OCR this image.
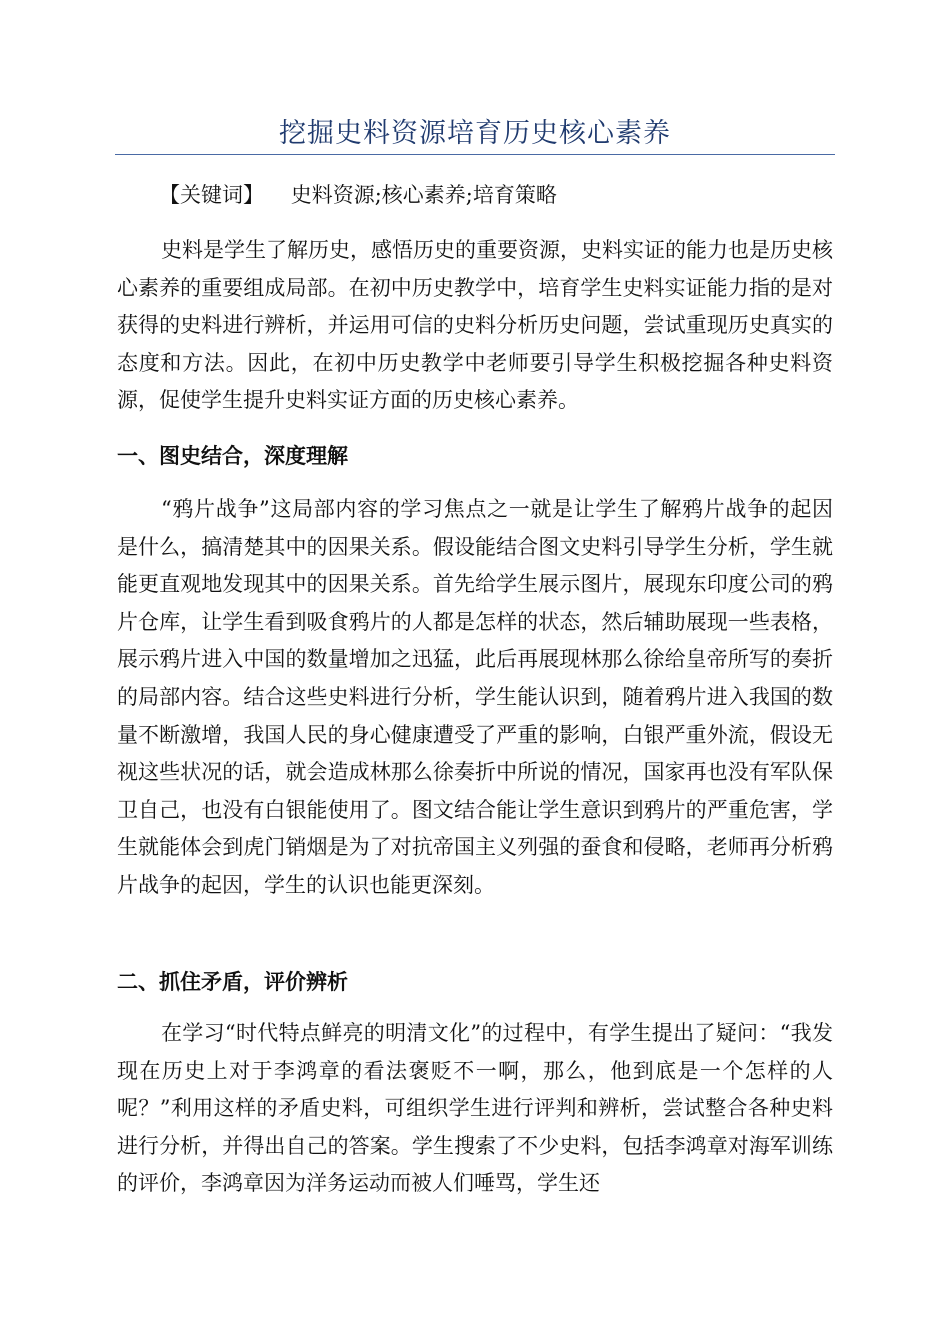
挖掘史料资源培育历史核心素养
【关键词】 史料资源;核心素养;培育策略

史料是学生了解历史，感悟历史的重要资源，史料实证的能力也是历史核心素养的重要组成局部。在初中历史教学中，培育学生史料实证能力指的是对获得的史料进行辨析，并运用可信的史料分析历史问题，尝试重现历史真实的态度和方法。因此，在初中历史教学中老师要引导学生积极挖掘各种史料资源，促使学生提升史料实证方面的历史核心素养。

一、图史结合，深度理解

“鸦片战争”这局部内容的学习焦点之一就是让学生了解鸦片战争的起因是什么，搞清楚其中的因果关系。假设能结合图文史料引导学生分析，学生就能更直观地发现其中的因果关系。首先给学生展示图片，展现东印度公司的鸦片仓库，让学生看到吸食鸦片的人都是怎样的状态，然后辅助展现一些表格，展示鸦片进入中国的数量增加之迅猛，此后再展现林那么徐给皇帝所写的奏折的局部内容。结合这些史料进行分析，学生能认识到，随着鸦片进入我国的数量不断激增，我国人民的身心健康遭受了严重的影响，白银严重外流，假设无视这些状况的话，就会造成林那么徐奏折中所说的情况，国家再也没有军队保卫自己，也没有白银能使用了。图文结合能让学生意识到鸦片的严重危害，学生就能体会到虎门销烟是为了对抗帝国主义列强的蚕食和侵略，老师再分析鸦片战争的起因，学生的认识也能更深刻。

二、抓住矛盾，评价辨析

在学习“时代特点鲜亮的明清文化”的过程中，有学生提出了疑问：“我发现在历史上对于李鸿章的看法褒贬不一啊，那么，他到底是一个怎样的人呢？”利用这样的矛盾史料，可组织学生进行评判和辨析，尝试整合各种史料进行分析，并得出自己的答案。学生搜索了不少史料，包括李鸿章对海军训练的评价，李鸿章因为洋务运动而被人们唾骂，学生还
